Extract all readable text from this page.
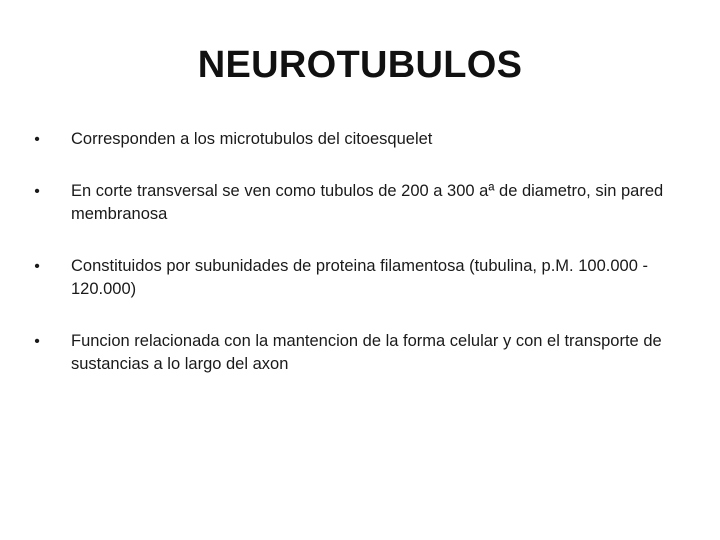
NEUROTUBULOS
• Corresponden a los microtubulos del citoesquelet
• En corte transversal se ven como tubulos de 200 a 300 aª de diametro, sin pared membranosa
• Constituidos por subunidades de proteina filamentosa (tubulina, p.M. 100.000 - 120.000)
• Funcion relacionada con la mantencion de la forma celular y con el transporte de sustancias a lo largo del axon
